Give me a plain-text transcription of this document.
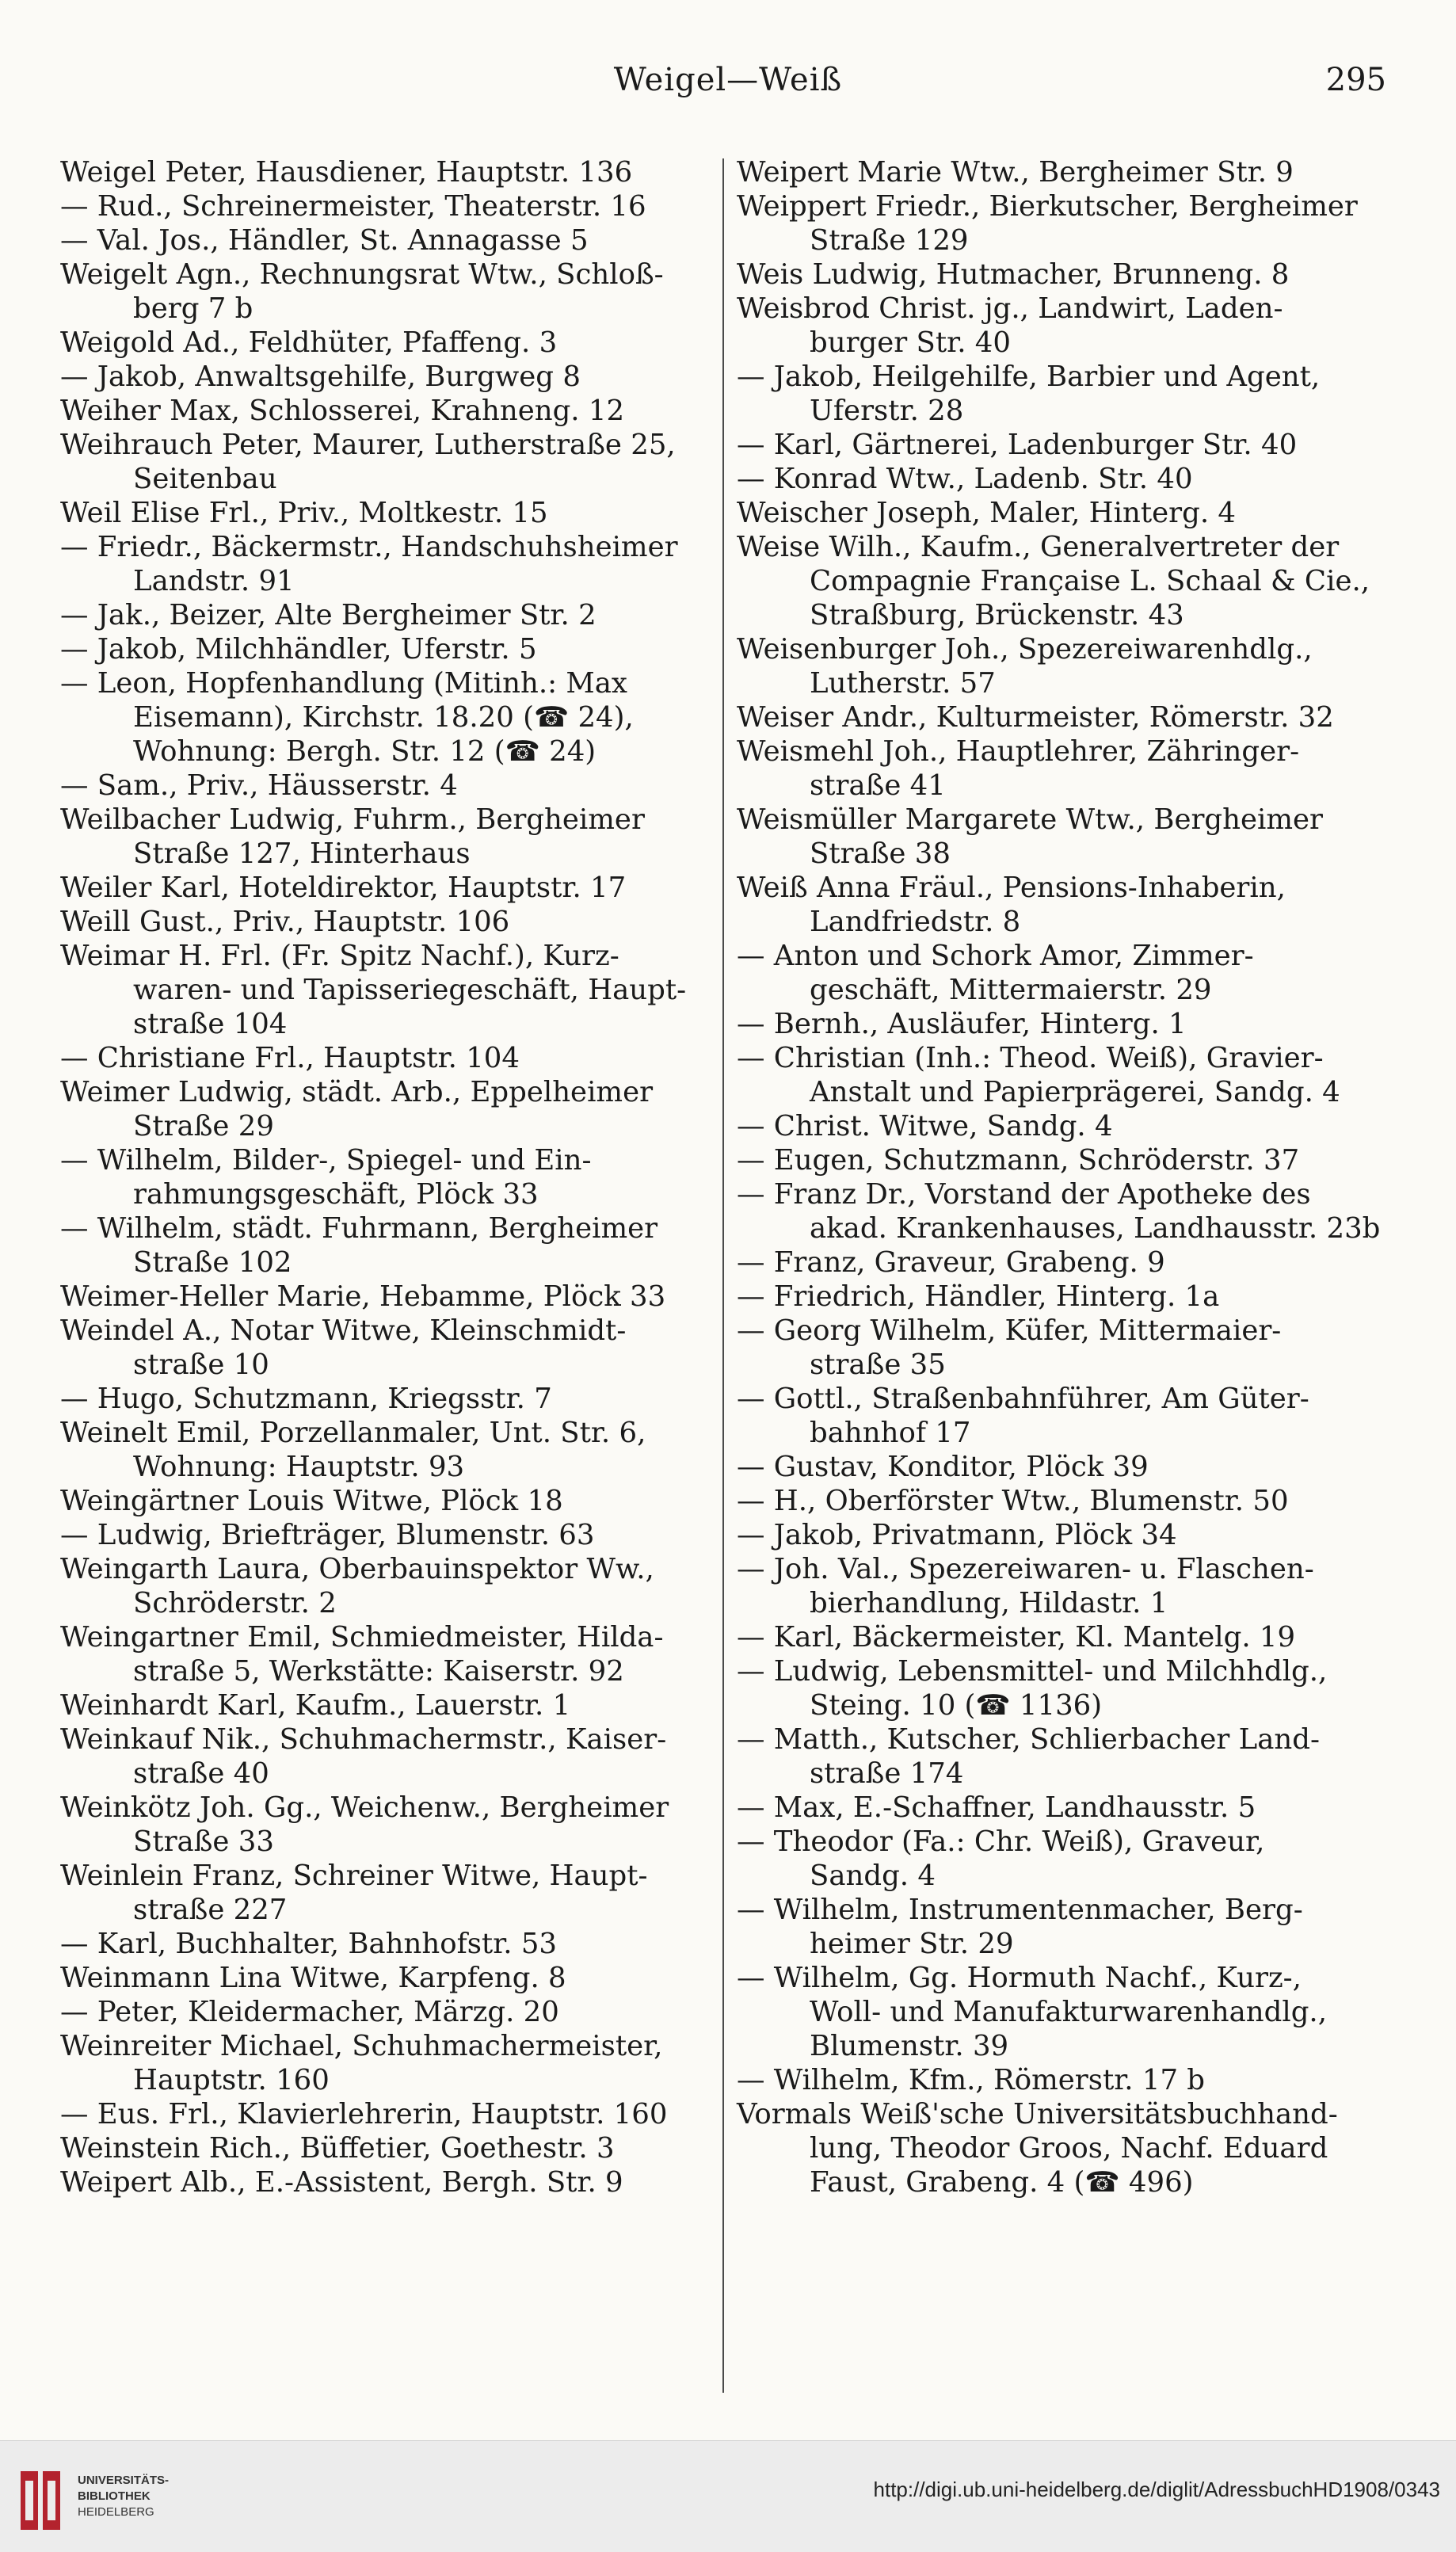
Weigel—Weiß	295
Weigel Peter, Hausdiener, Hauptstr. 136
— Rud., Schreinermeister, Theaterstr. 16
— Val. Jos., Händler, St. Annagasse 5
Weigelt Agn., Rechnungsrat Wtw., Schloß-
berg 7 b
Weigold Ad., Feldhüter, Pfaffeng. 3
— Jakob, Anwaltsgehilfe, Burgweg 8
Weiher Max, Schlosserei, Krahneng. 12
Weihrauch Peter, Maurer, Lutherstraße 25,
Seitenbau
Weil Elise Frl., Priv., Moltkestr. 15
— Friedr., Bäckermstr., Handschuhsheimer
Landstr. 91
— Jak., Beizer, Alte Bergheimer Str. 2
— Jakob, Milchhändler, Uferstr. 5
— Leon, Hopfenhandlung (Mitinh.: Max
Eisemann), Kirchstr. 18.20 (☎ 24),
Wohnung: Bergh. Str. 12 (☎ 24)
— Sam., Priv., Häusserstr. 4
Weilbacher Ludwig, Fuhrm., Bergheimer
Straße 127, Hinterhaus
Weiler Karl, Hoteldirektor, Hauptstr. 17
Weill Gust., Priv., Hauptstr. 106
Weimar H. Frl. (Fr. Spitz Nachf.), Kurz-
waren- und Tapisseriegeschäft, Haupt-
straße 104
— Christiane Frl., Hauptstr. 104
Weimer Ludwig, städt. Arb., Eppelheimer
Straße 29
— Wilhelm, Bilder-, Spiegel- und Ein-
rahmungsgeschäft, Plöck 33
— Wilhelm, städt. Fuhrmann, Bergheimer
Straße 102
Weimer-Heller Marie, Hebamme, Plöck 33
Weindel A., Notar Witwe, Kleinschmidt-
straße 10
— Hugo, Schutzmann, Kriegsstr. 7
Weinelt Emil, Porzellanmaler, Unt. Str. 6,
Wohnung: Hauptstr. 93
Weingärtner Louis Witwe, Plöck 18
— Ludwig, Briefträger, Blumenstr. 63
Weingarth Laura, Oberbauinspektor Ww.,
Schröderstr. 2
Weingartner Emil, Schmiedmeister, Hilda-
straße 5, Werkstätte: Kaiserstr. 92
Weinhardt Karl, Kaufm., Lauerstr. 1
Weinkauf Nik., Schuhmachermstr., Kaiser-
straße 40
Weinkötz Joh. Gg., Weichenw., Bergheimer
Straße 33
Weinlein Franz, Schreiner Witwe, Haupt-
straße 227
— Karl, Buchhalter, Bahnhofstr. 53
Weinmann Lina Witwe, Karpfeng. 8
— Peter, Kleidermacher, Märzg. 20
Weinreiter Michael, Schuhmachermeister,
Hauptstr. 160
— Eus. Frl., Klavierlehrerin, Hauptstr. 160
Weinstein Rich., Büffetier, Goethestr. 3
Weipert Alb., E.-Assistent, Bergh. Str. 9
Weipert Marie Wtw., Bergheimer Str. 9
Weippert Friedr., Bierkutscher, Bergheimer
Straße 129
Weis Ludwig, Hutmacher, Brunneng. 8
Weisbrod Christ. jg., Landwirt, Laden-
burger Str. 40
— Jakob, Heilgehilfe, Barbier und Agent,
Uferstr. 28
— Karl, Gärtnerei, Ladenburger Str. 40
— Konrad Wtw., Ladenb. Str. 40
Weischer Joseph, Maler, Hinterg. 4
Weise Wilh., Kaufm., Generalvertreter der
Compagnie Française L. Schaal & Cie.,
Straßburg, Brückenstr. 43
Weisenburger Joh., Spezereiwarenhdlg.,
Lutherstr. 57
Weiser Andr., Kulturmeister, Römerstr. 32
Weismehl Joh., Hauptlehrer, Zähringer-
straße 41
Weismüller Margarete Wtw., Bergheimer
Straße 38
Weiß Anna Fräul., Pensions-Inhaberin,
Landfriedstr. 8
— Anton und Schork Amor, Zimmer-
geschäft, Mittermaierstr. 29
— Bernh., Ausläufer, Hinterg. 1
— Christian (Inh.: Theod. Weiß), Gravier-
Anstalt und Papierprägerei, Sandg. 4
— Christ. Witwe, Sandg. 4
— Eugen, Schutzmann, Schröderstr. 37
— Franz Dr., Vorstand der Apotheke des
akad. Krankenhauses, Landhausstr. 23b
— Franz, Graveur, Grabeng. 9
— Friedrich, Händler, Hinterg. 1a
— Georg Wilhelm, Küfer, Mittermaier-
straße 35
— Gottl., Straßenbahnführer, Am Güter-
bahnhof 17
— Gustav, Konditor, Plöck 39
— H., Oberförster Wtw., Blumenstr. 50
— Jakob, Privatmann, Plöck 34
— Joh. Val., Spezereiwaren- u. Flaschen-
bierhandlung, Hildastr. 1
— Karl, Bäckermeister, Kl. Mantelg. 19
— Ludwig, Lebensmittel- und Milchhdlg.,
Steing. 10 (☎ 1136)
— Matth., Kutscher, Schlierbacher Land-
straße 174
— Max, E.-Schaffner, Landhausstr. 5
— Theodor (Fa.: Chr. Weiß), Graveur,
Sandg. 4
— Wilhelm, Instrumentenmacher, Berg-
heimer Str. 29
— Wilhelm, Gg. Hormuth Nachf., Kurz-,
Woll- und Manufakturwarenhandlg.,
Blumenstr. 39
— Wilhelm, Kfm., Römerstr. 17 b
Vormals Weiß'sche Universitätsbuchhand-
lung, Theodor Groos, Nachf. Eduard
Faust, Grabeng. 4 (☎ 496)
UNIVERSITÄTS-
BIBLIOTHEK
HEIDELBERG
http://digi.ub.uni-heidelberg.de/diglit/AdressbuchHD1908/0343
